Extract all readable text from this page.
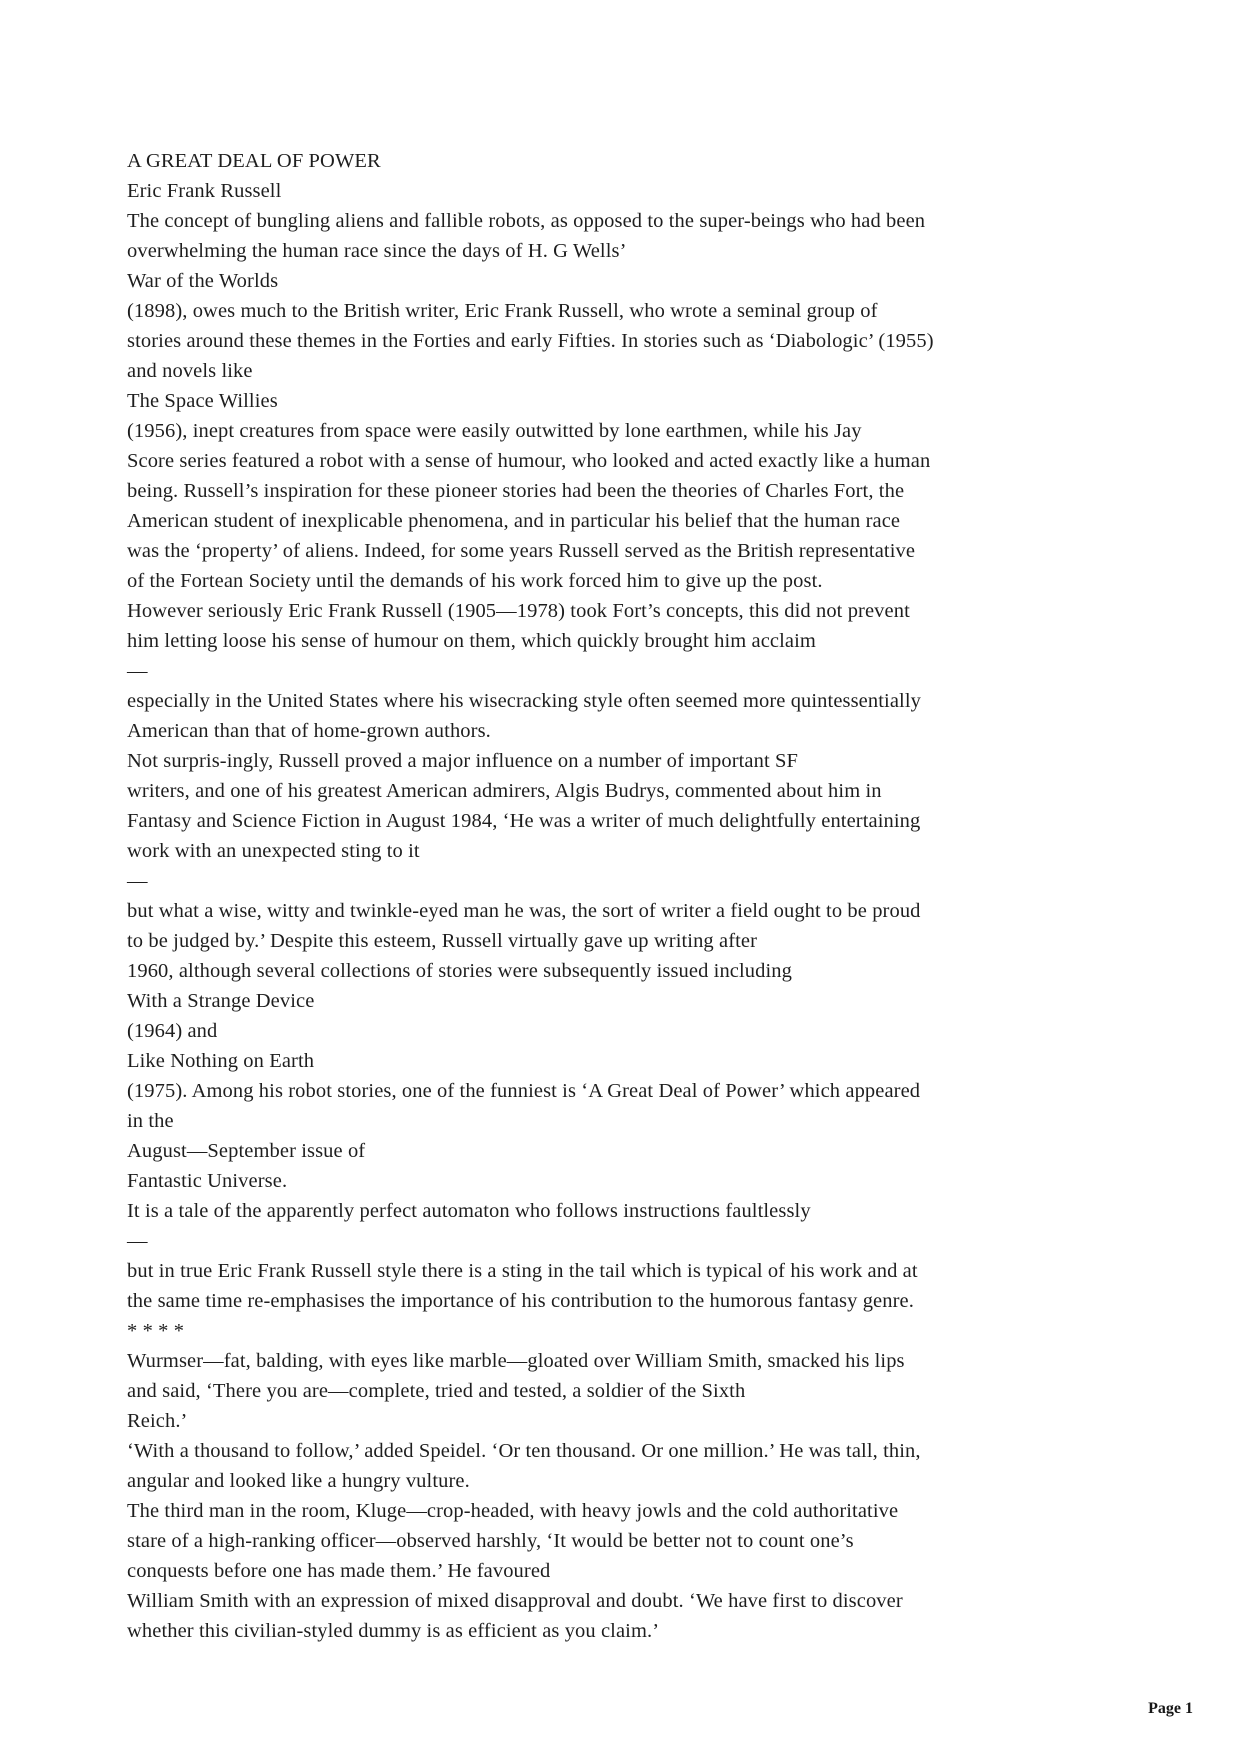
A GREAT DEAL OF POWER
Eric Frank Russell
The concept of bungling aliens and fallible robots, as opposed to the super-beings who had been
overwhelming the human race since the days of H. G Wells’
War of the Worlds
(1898), owes much to the British writer, Eric Frank Russell, who wrote a seminal group of
stories around these themes in the Forties and early Fifties. In stories such as ‘Diabologic’ (1955)
and novels like
The Space Willies
(1956), inept creatures from space were easily outwitted by lone earthmen, while his Jay
Score series featured a robot with a sense of humour, who looked and acted exactly like a human
being. Russell’s inspiration for these pioneer stories had been the theories of Charles Fort, the
American student of inexplicable phenomena, and in particular his belief that the human race
was the ‘property’ of aliens. Indeed, for some years Russell served as the British representative
of the Fortean Society until the demands of his work forced him to give up the post.
However seriously Eric Frank Russell (1905—1978) took Fort’s concepts, this did not prevent
him letting loose his sense of humour on them, which quickly brought him acclaim
—
especially in the United States where his wisecracking style often seemed more quintessentially
American than that of home-grown authors.
Not surpris-ingly, Russell proved a major influence on a number of important SF
writers, and one of his greatest American admirers, Algis Budrys, commented about him in
Fantasy and Science Fiction in August 1984, ‘He was a writer of much delightfully entertaining
work with an unexpected sting to it
—
but what a wise, witty and twinkle-eyed man he was, the sort of writer a field ought to be proud
to be judged by.’ Despite this esteem, Russell virtually gave up writing after
1960, although several collections of stories were subsequently issued including
With a Strange Device
(1964) and
Like Nothing on Earth
(1975). Among his robot stories, one of the funniest is ‘A Great Deal of Power’ which appeared
in the
August—September issue of
Fantastic Universe.
It is a tale of the apparently perfect automaton who follows instructions faultlessly
—
but in true Eric Frank Russell style there is a sting in the tail which is typical of his work and at
the same time re-emphasises the importance of his contribution to the humorous fantasy genre.
* * * *
Wurmser—fat, balding, with eyes like marble—gloated over William Smith, smacked his lips
and said, ‘There you are—complete, tried and tested, a soldier of the Sixth
Reich.’
‘With a thousand to follow,’ added Speidel. ‘Or ten thousand. Or one million.’ He was tall, thin,
angular and looked like a hungry vulture.
The third man in the room, Kluge—crop-headed, with heavy jowls and the cold authoritative
stare of a high-ranking officer—observed harshly, ‘It would be better not to count one’s
conquests before one has made them.’ He favoured
William Smith with an expression of mixed disapproval and doubt. ‘We have first to discover
whether this civilian-styled dummy is as efficient as you claim.’
Page 1
